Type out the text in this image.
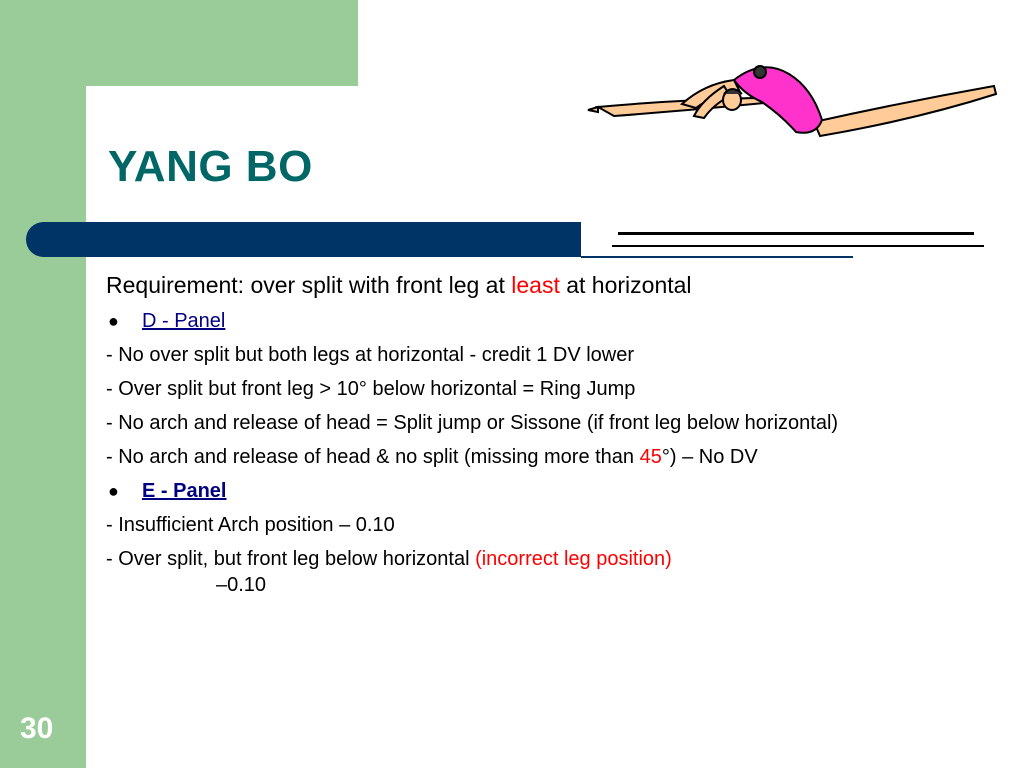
YANG BO
Requirement: over split with front leg at least at horizontal
● D - Panel
- No over split but both legs at horizontal - credit 1 DV lower
- Over split but front leg > 10° below horizontal = Ring Jump
- No arch and release of head = Split jump or Sissone (if front leg below horizontal)
- No arch and release of head & no split (missing more than 45°) – No DV
● E - Panel
- Insufficient Arch position – 0.10
- Over split, but front leg below horizontal (incorrect leg position)
–0.10
30
